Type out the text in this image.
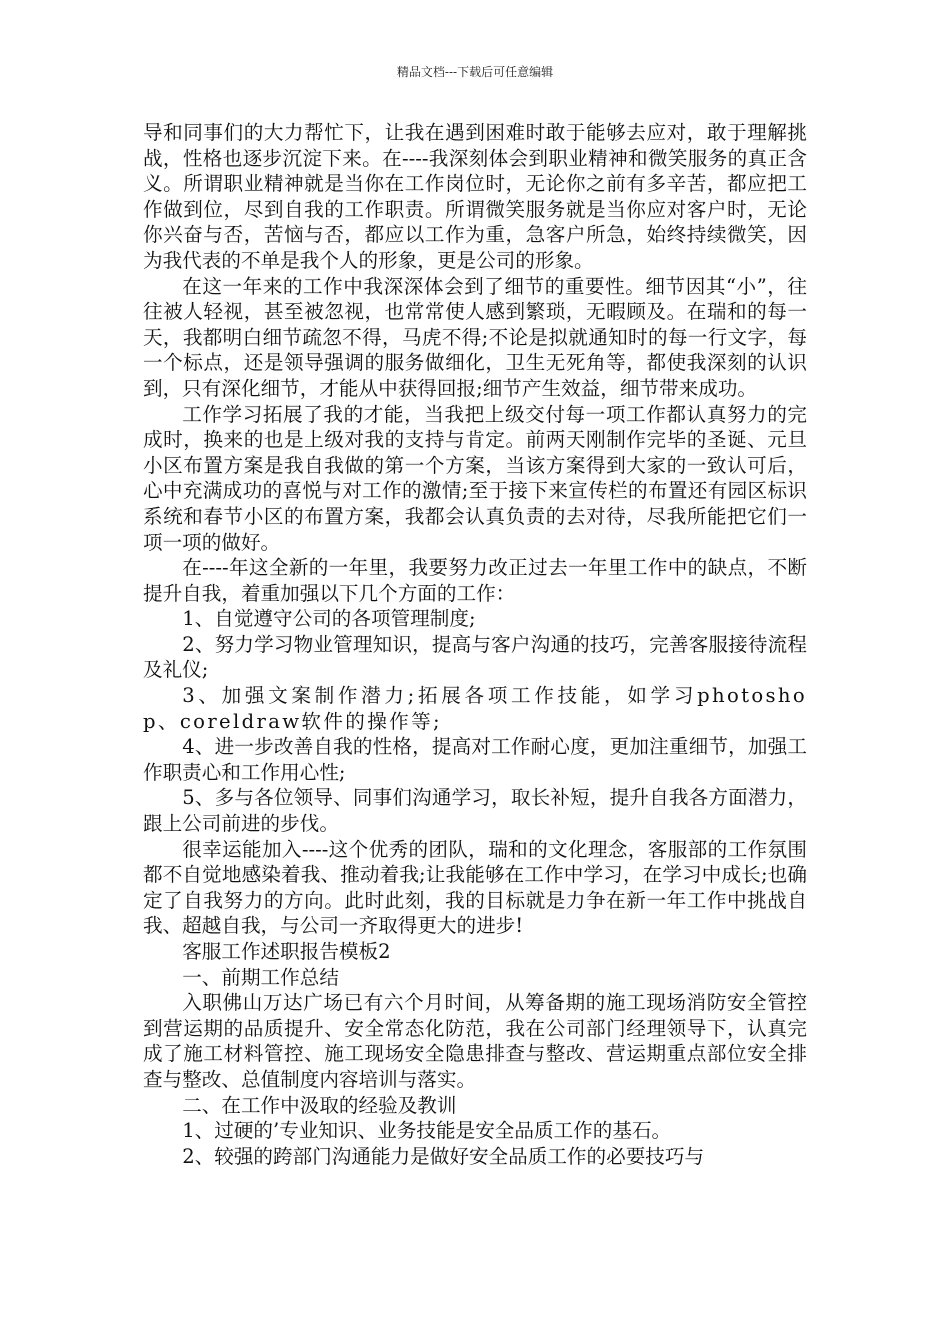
精品文档---下载后可任意编辑

导和同事们的大力帮忙下，让我在遇到困难时敢于能够去应对，敢于理解挑战，性格也逐步沉淀下来。在----我深刻体会到职业精神和微笑服务的真正含义。所谓职业精神就是当你在工作岗位时，无论你之前有多辛苦，都应把工作做到位，尽到自我的工作职责。所谓微笑服务就是当你应对客户时，无论你兴奋与否，苦恼与否，都应以工作为重，急客户所急，始终持续微笑，因为我代表的不单是我个人的形象，更是公司的形象。

在这一年来的工作中我深深体会到了细节的重要性。细节因其“小”，往往被人轻视，甚至被忽视，也常常使人感到繁琐，无暇顾及。在瑞和的每一天，我都明白细节疏忽不得，马虎不得;不论是拟就通知时的每一行文字，每一个标点，还是领导强调的服务做细化，卫生无死角等，都使我深刻的认识到，只有深化细节，才能从中获得回报;细节产生效益，细节带来成功。

工作学习拓展了我的才能，当我把上级交付每一项工作都认真努力的完成时，换来的也是上级对我的支持与肯定。前两天刚制作完毕的圣诞、元旦小区布置方案是我自我做的第一个方案，当该方案得到大家的一致认可后，心中充满成功的喜悦与对工作的激情;至于接下来宣传栏的布置还有园区标识系统和春节小区的布置方案，我都会认真负责的去对待，尽我所能把它们一项一项的做好。

在----年这全新的一年里，我要努力改正过去一年里工作中的缺点，不断提升自我，着重加强以下几个方面的工作：

1、自觉遵守公司的各项管理制度;

2、努力学习物业管理知识，提高与客户沟通的技巧，完善客服接待流程及礼仪;

3、加强文案制作潜力;拓展各项工作技能，如学习photoshop、coreldraw软件的操作等;

4、进一步改善自我的性格，提高对工作耐心度，更加注重细节，加强工作职责心和工作用心性;

5、多与各位领导、同事们沟通学习，取长补短，提升自我各方面潜力，跟上公司前进的步伐。

很幸运能加入----这个优秀的团队，瑞和的文化理念，客服部的工作氛围都不自觉地感染着我、推动着我;让我能够在工作中学习，在学习中成长;也确定了自我努力的方向。此时此刻，我的目标就是力争在新一年工作中挑战自我、超越自我，与公司一齐取得更大的进步!

客服工作述职报告模板2

一、前期工作总结

入职佛山万达广场已有六个月时间，从筹备期的施工现场消防安全管控到营运期的品质提升、安全常态化防范，我在公司部门经理领导下，认真完成了施工材料管控、施工现场安全隐患排查与整改、营运期重点部位安全排查与整改、总值制度内容培训与落实。

二、在工作中汲取的经验及教训

1、过硬的’专业知识、业务技能是安全品质工作的基石。

2、较强的跨部门沟通能力是做好安全品质工作的必要技巧与
